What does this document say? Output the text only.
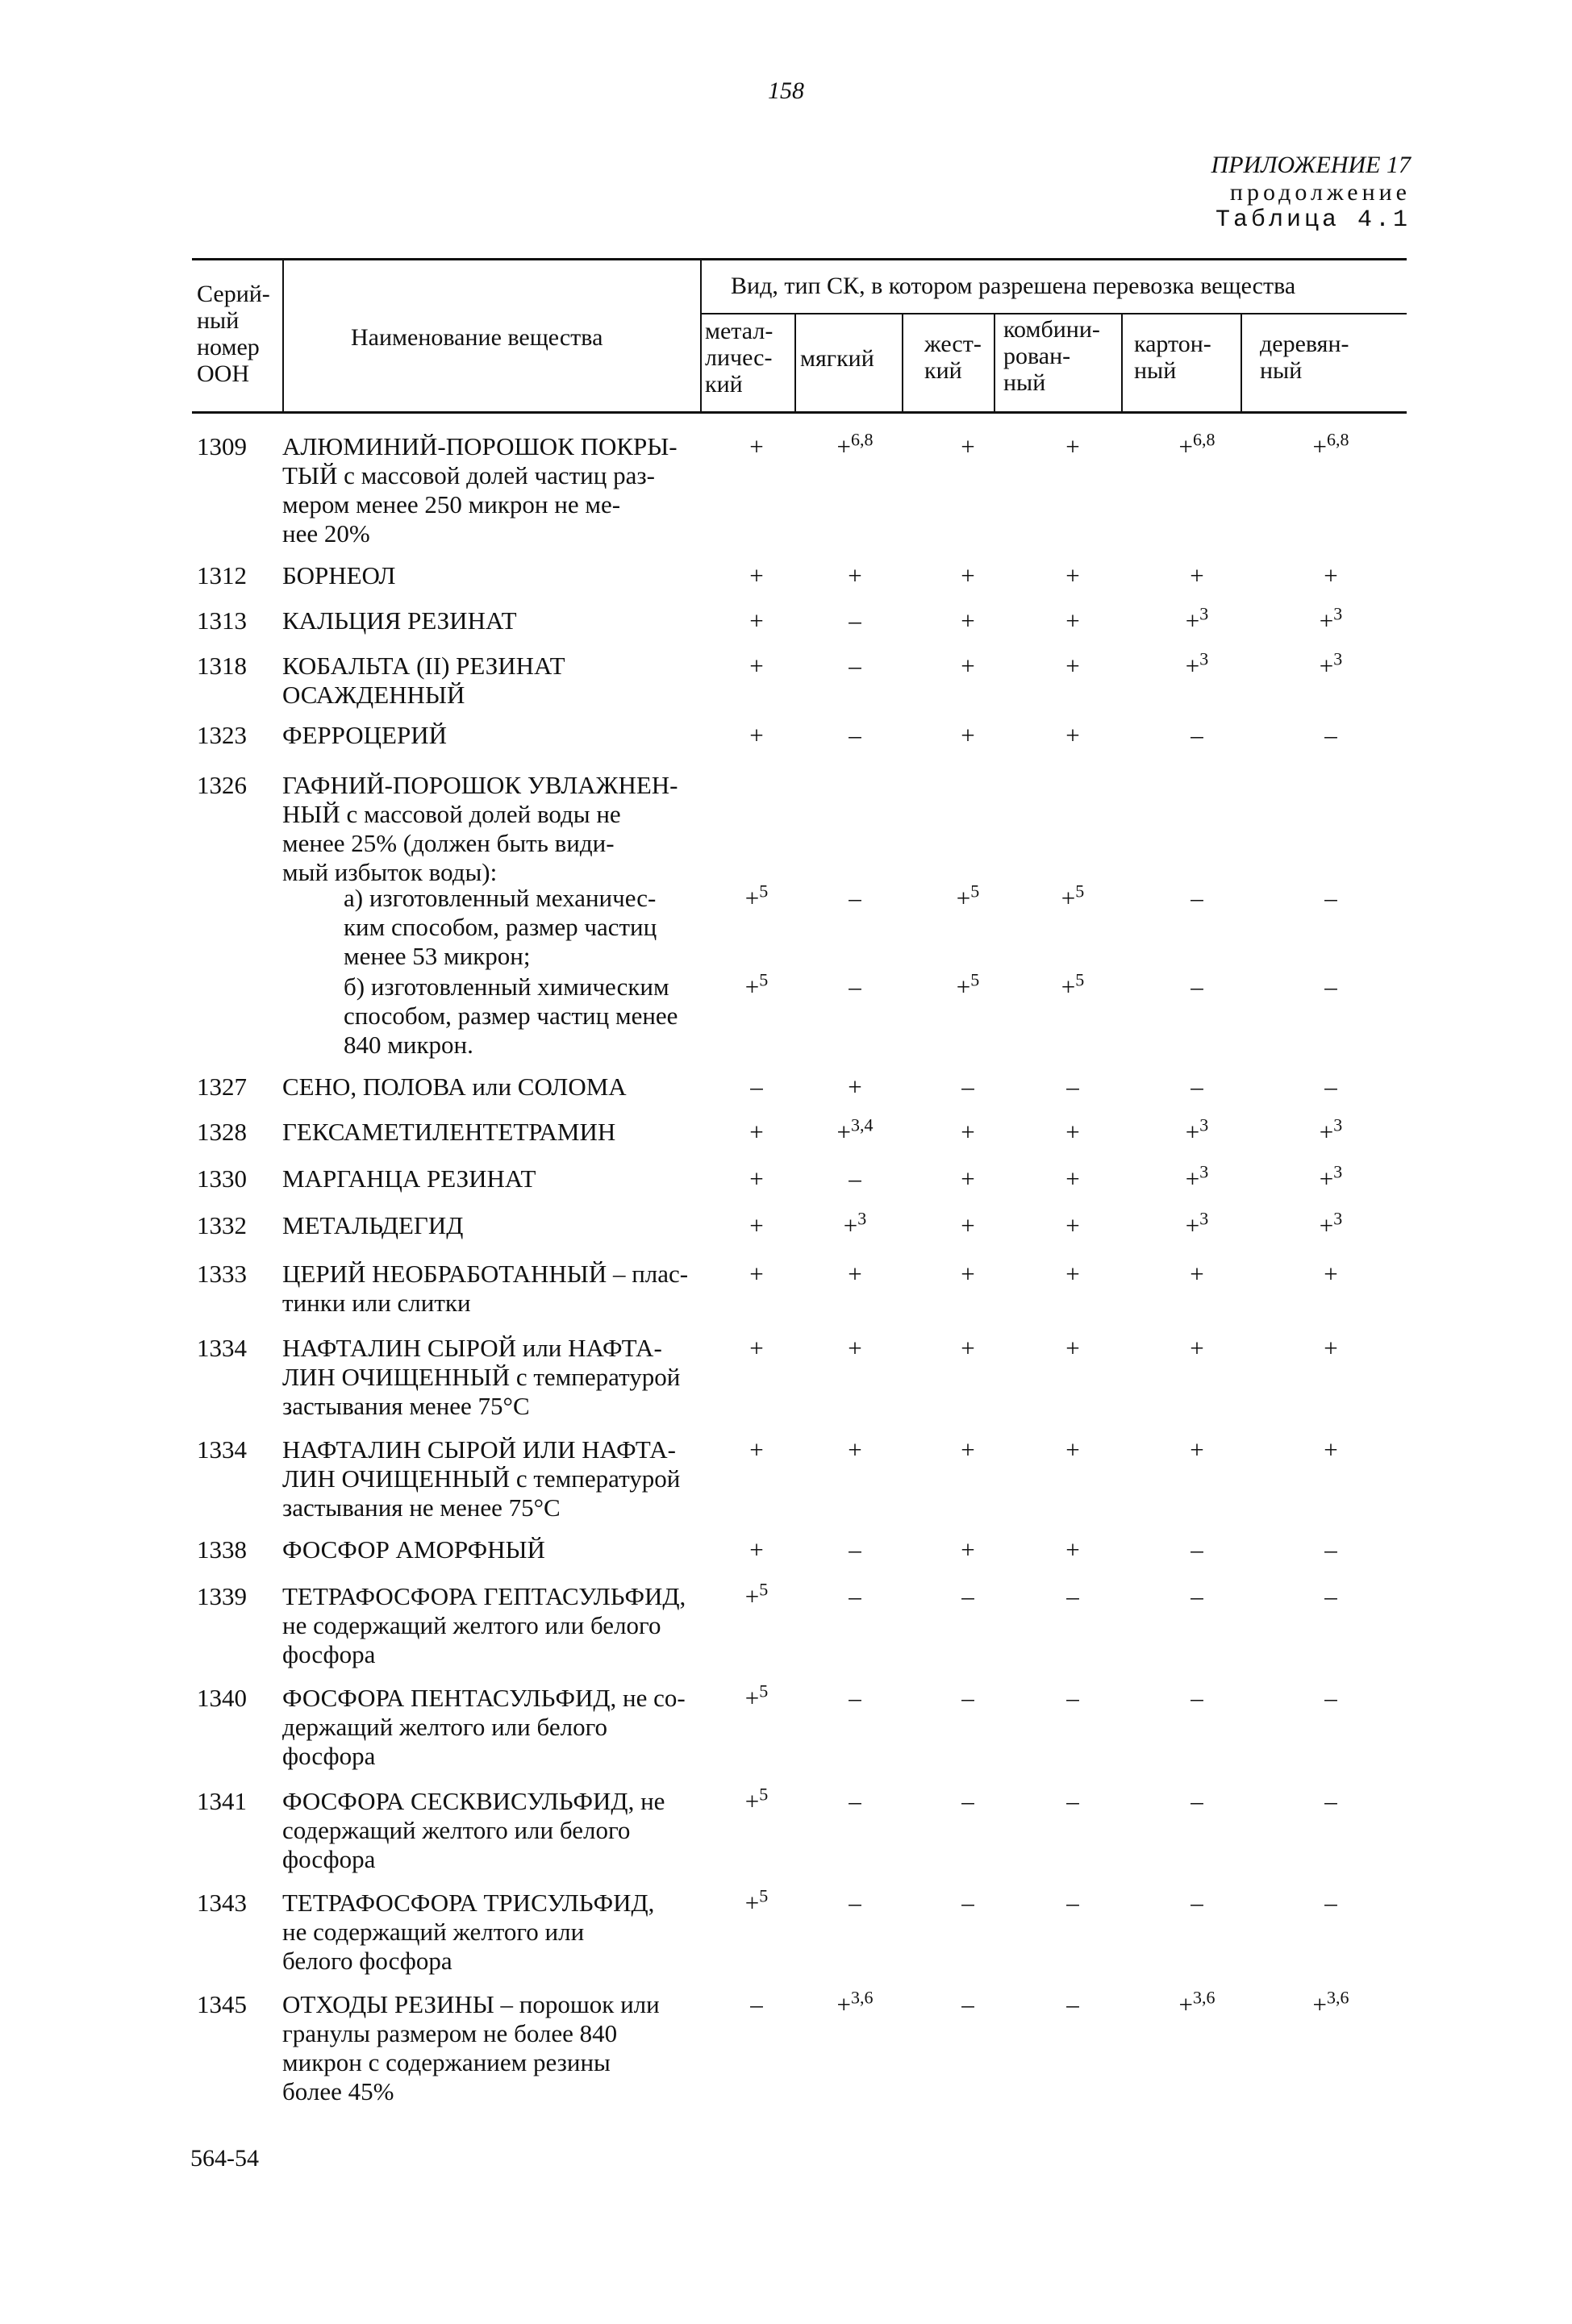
158
ПРИЛОЖЕНИЕ 17
продолжение
Таблица 4.1
Серий-
ный
номер
ООН
Наименование вещества
Вид, тип СК, в котором разрешена перевозка вещества
метал-
личес-
кий
мягкий
жест-
кий
комбини-
рован-
ный
картон-
ный
деревян-
ный
1309 АЛЮМИНИЙ-ПОРОШОК ПОКРЫ-
ТЫЙ с массовой долей частиц раз-
мером менее 250 микрон не ме-
нее 20%
+	+$^{6,8}$	+	+	+$^{6,8}$	+$^{6,8}$
1312 БОРНЕОЛ	+	+	+	+	+	+
1313 КАЛЬЦИЯ РЕЗИНАТ	+	–	+	+	+$^3$	+$^3$
1318 КОБАЛЬТА (II) РЕЗИНАТ
ОСАЖДЕННЫЙ
+	–	+	+	+$^3$	+$^3$
1323 ФЕРРОЦЕРИЙ	+	–	+	+	–	–
1326 ГАФНИЙ-ПОРОШОК УВЛАЖНЕН-
НЫЙ с массовой долей воды не
менее 25% (должен быть види-
мый избыток воды):
а) изготовленный механичес-
ким способом, размер частиц
менее 53 микрон;
+$^5$	–	+$^5$	+$^5$	–	–
б) изготовленный химическим
способом, размер частиц менее
840 микрон.
+$^5$	–	+$^5$	+$^5$	–	–
1327 СЕНО, ПОЛОВА или СОЛОМА	–	+	–	–	–	–
1328 ГЕКСАМЕТИЛЕНТЕТРАМИН	+	+$^{3,4}$	+	+	+$^3$	+$^3$
1330 МАРГАНЦА РЕЗИНАТ	+	–	+	+	+$^3$	+$^3$
1332 МЕТАЛЬДЕГИД	+	+$^3$	+	+	+$^3$	+$^3$
1333 ЦЕРИЙ НЕОБРАБОТАННЫЙ – плас-
тинки или слитки
+	+	+	+	+	+
1334 НАФТАЛИН СЫРОЙ или НАФТА-
ЛИН ОЧИЩЕННЫЙ с температурой
застывания менее 75°С
+	+	+	+	+	+
1334 НАФТАЛИН СЫРОЙ ИЛИ НАФТА-
ЛИН ОЧИЩЕННЫЙ с температурой
застывания не менее 75°С
+	+	+	+	+	+
1338 ФОСФОР АМОРФНЫЙ	+	–	+	+	–	–
1339 ТЕТРАФОСФОРА ГЕПТАСУЛЬФИД,
не содержащий желтого или белого
фосфора
+$^5$	–	–	–	–	–
1340 ФОСФОРА ПЕНТАСУЛЬФИД, не со-
держащий желтого или белого
фосфора
+$^5$	–	–	–	–	–
1341 ФОСФОРА СЕСКВИСУЛЬФИД, не
содержащий желтого или белого
фосфора
+$^5$	–	–	–	–	–
1343 ТЕТРАФОСФОРА ТРИСУЛЬФИД,
не содержащий желтого или
белого фосфора
+$^5$	–	–	–	–	–
1345 ОТХОДЫ РЕЗИНЫ – порошок или
гранулы размером не более 840
микрон с содержанием резины
более 45%
–	+$^{3,6}$	–	–	+$^{3,6}$	+$^{3,6}$
564-54
